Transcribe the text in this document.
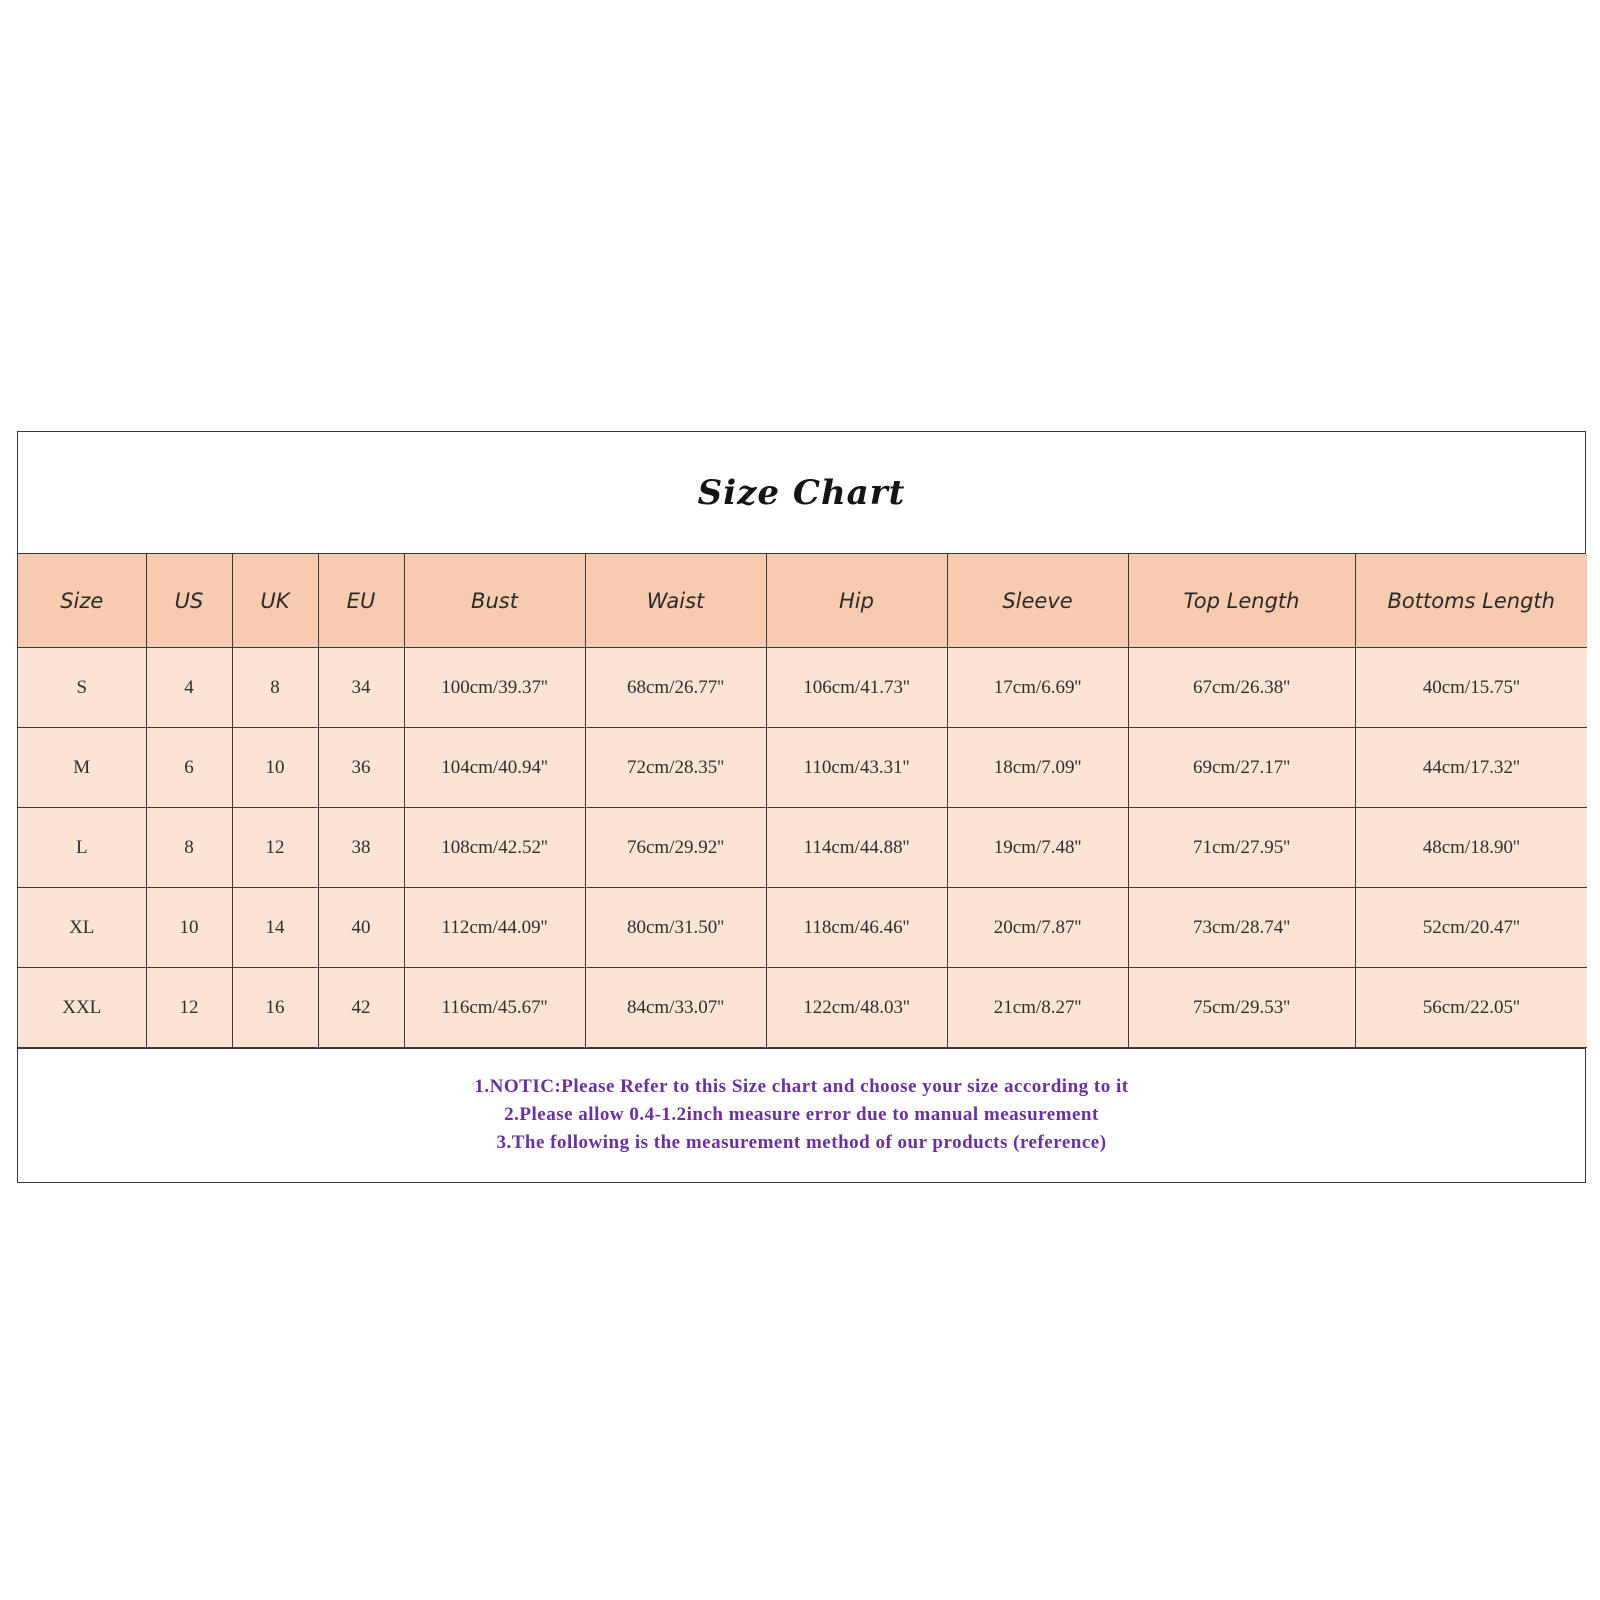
Size Chart
Size	US	UK	EU	Bust	Waist	Hip	Sleeve	Top Length	Bottoms Length
S	4	8	34	100cm/39.37''	68cm/26.77''	106cm/41.73''	17cm/6.69''	67cm/26.38''	40cm/15.75''
M	6	10	36	104cm/40.94''	72cm/28.35''	110cm/43.31''	18cm/7.09''	69cm/27.17''	44cm/17.32''
L	8	12	38	108cm/42.52''	76cm/29.92''	114cm/44.88''	19cm/7.48''	71cm/27.95''	48cm/18.90''
XL	10	14	40	112cm/44.09''	80cm/31.50''	118cm/46.46''	20cm/7.87''	73cm/28.74''	52cm/20.47''
XXL	12	16	42	116cm/45.67''	84cm/33.07''	122cm/48.03''	21cm/8.27''	75cm/29.53''	56cm/22.05''
1.NOTIC:Please Refer to this Size chart and choose your size according to it
2.Please allow 0.4-1.2inch measure error due to manual measurement
3.The following is the measurement method of our products (reference)
